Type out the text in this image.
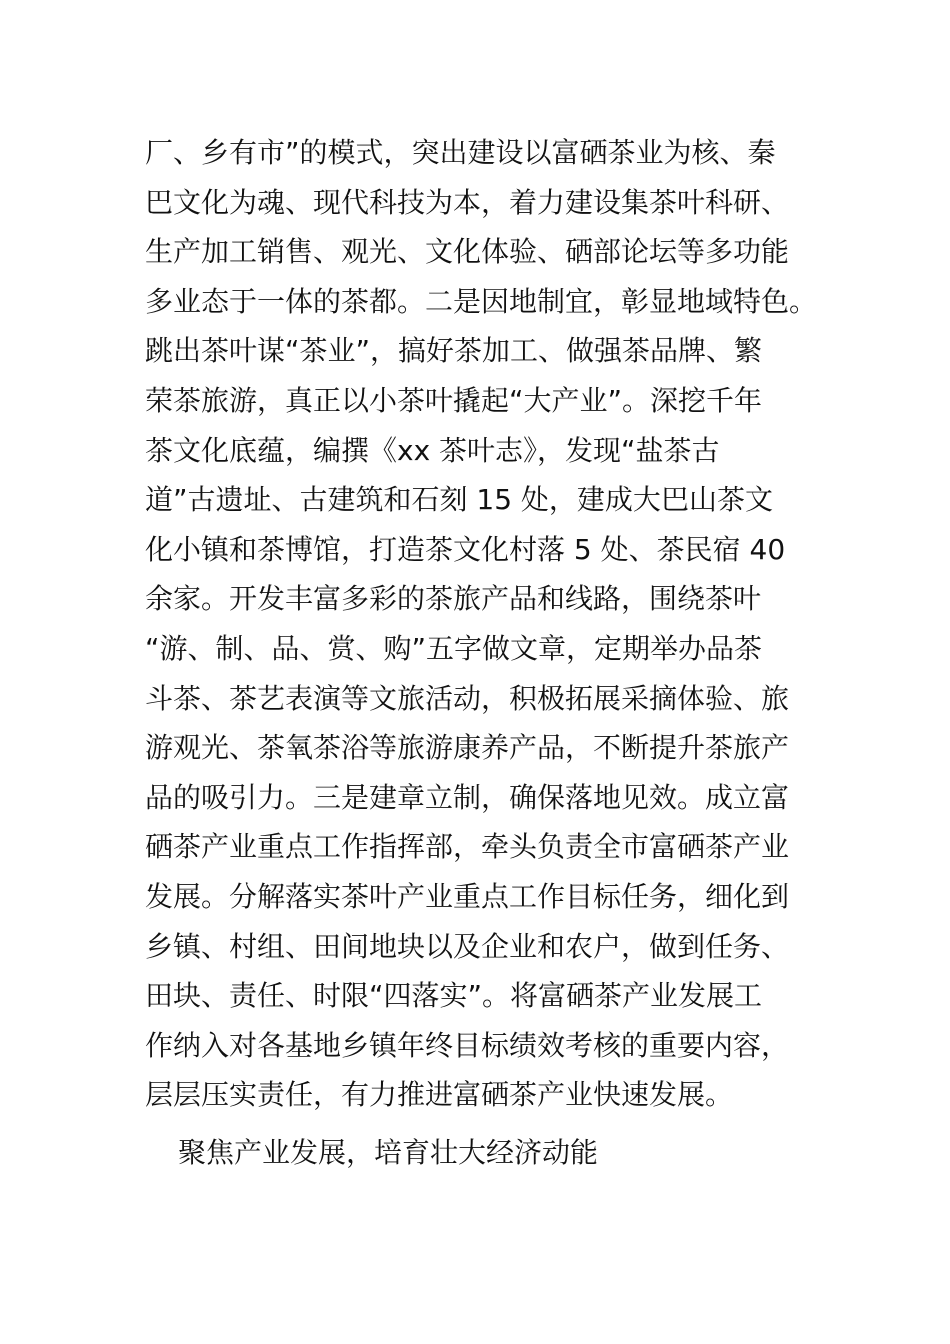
厂、乡有市”的模式，突出建设以富硒茶业为核、秦
巴文化为魂、现代科技为本，着力建设集茶叶科研、
生产加工销售、观光、文化体验、硒部论坛等多功能
多业态于一体的茶都。二是因地制宜，彰显地域特色。
跳出茶叶谋“茶业”，搞好茶加工、做强茶品牌、繁
荣茶旅游，真正以小茶叶撬起“大产业”。深挖千年
茶文化底蕴，编撰《xx 茶叶志》，发现“盐茶古
道”古遗址、古建筑和石刻 15 处，建成大巴山茶文
化小镇和茶博馆，打造茶文化村落 5 处、茶民宿 40
余家。开发丰富多彩的茶旅产品和线路，围绕茶叶
“游、制、品、赏、购”五字做文章，定期举办品茶
斗茶、茶艺表演等文旅活动，积极拓展采摘体验、旅
游观光、茶氧茶浴等旅游康养产品，不断提升茶旅产
品的吸引力。三是建章立制，确保落地见效。成立富
硒茶产业重点工作指挥部，牵头负责全市富硒茶产业
发展。分解落实茶叶产业重点工作目标任务，细化到
乡镇、村组、田间地块以及企业和农户，做到任务、
田块、责任、时限“四落实”。将富硒茶产业发展工
作纳入对各基地乡镇年终目标绩效考核的重要内容，
层层压实责任，有力推进富硒茶产业快速发展。
聚焦产业发展，培育壮大经济动能
